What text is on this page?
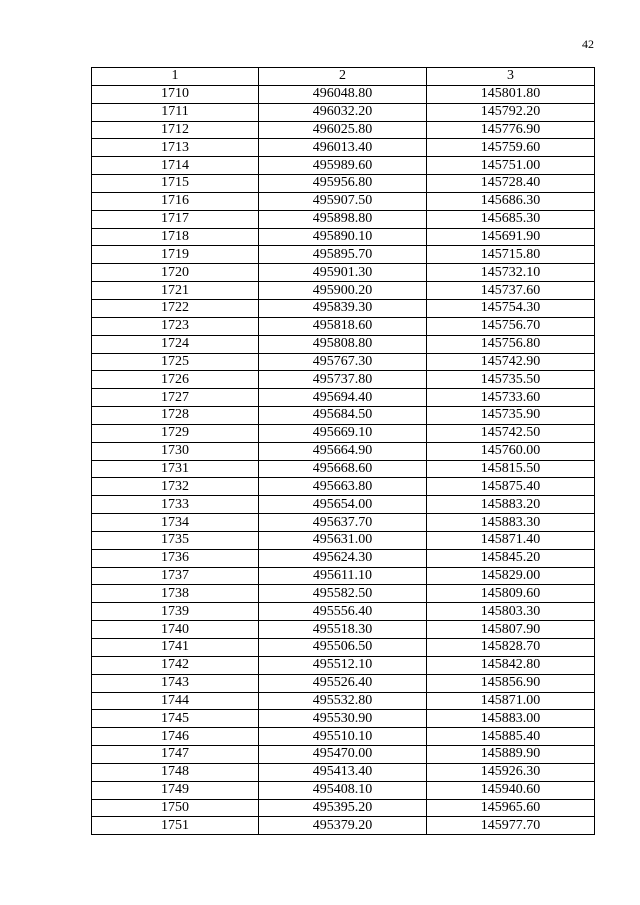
42
1	2	3
1710	496048.80	145801.80
1711	496032.20	145792.20
1712	496025.80	145776.90
1713	496013.40	145759.60
1714	495989.60	145751.00
1715	495956.80	145728.40
1716	495907.50	145686.30
1717	495898.80	145685.30
1718	495890.10	145691.90
1719	495895.70	145715.80
1720	495901.30	145732.10
1721	495900.20	145737.60
1722	495839.30	145754.30
1723	495818.60	145756.70
1724	495808.80	145756.80
1725	495767.30	145742.90
1726	495737.80	145735.50
1727	495694.40	145733.60
1728	495684.50	145735.90
1729	495669.10	145742.50
1730	495664.90	145760.00
1731	495668.60	145815.50
1732	495663.80	145875.40
1733	495654.00	145883.20
1734	495637.70	145883.30
1735	495631.00	145871.40
1736	495624.30	145845.20
1737	495611.10	145829.00
1738	495582.50	145809.60
1739	495556.40	145803.30
1740	495518.30	145807.90
1741	495506.50	145828.70
1742	495512.10	145842.80
1743	495526.40	145856.90
1744	495532.80	145871.00
1745	495530.90	145883.00
1746	495510.10	145885.40
1747	495470.00	145889.90
1748	495413.40	145926.30
1749	495408.10	145940.60
1750	495395.20	145965.60
1751	495379.20	145977.70
